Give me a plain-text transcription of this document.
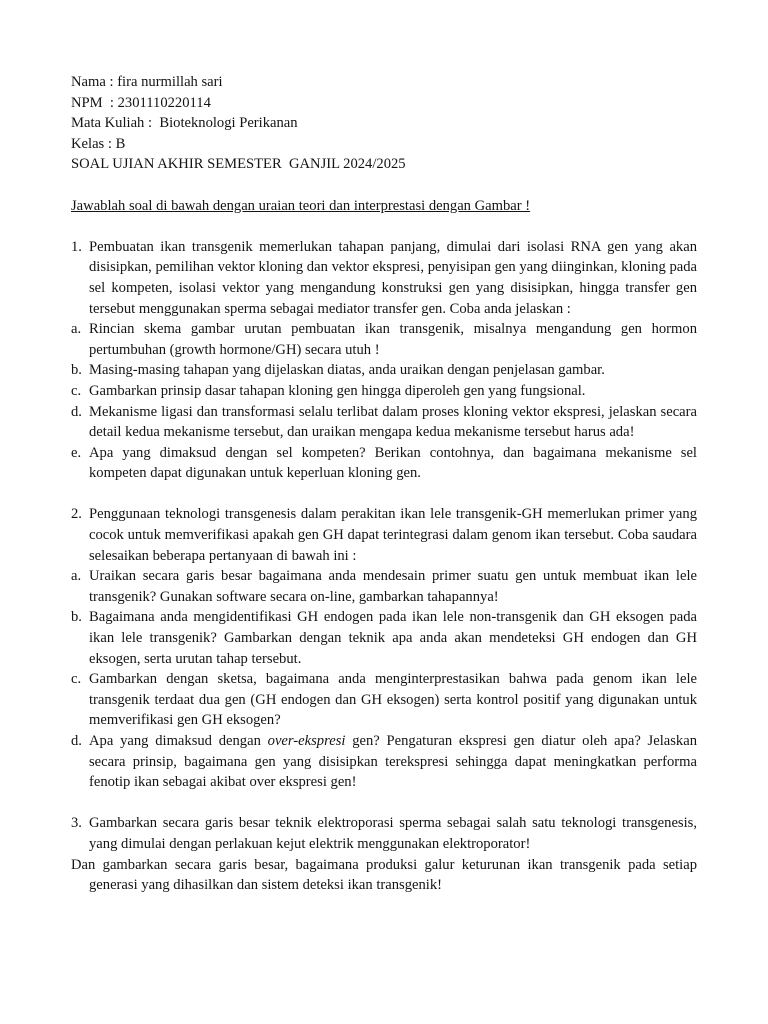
Nama : fira nurmillah sari

NPM  : 2301110220114

Mata Kuliah :  Bioteknologi Perikanan

Kelas : B

SOAL UJIAN AKHIR SEMESTER  GANJIL 2024/2025

Jawablah soal di bawah dengan uraian teori dan interprestasi dengan Gambar !
1. Pembuatan ikan transgenik memerlukan tahapan panjang, dimulai dari isolasi RNA gen yang akan disisipkan, pemilihan vektor kloning dan vektor ekspresi, penyisipan gen yang diinginkan, kloning pada sel kompeten, isolasi vektor yang mengandung konstruksi gen yang disisipkan, hingga transfer gen tersebut menggunakan sperma sebagai mediator transfer gen. Coba anda jelaskan :
a. Rincian skema gambar urutan pembuatan ikan transgenik, misalnya mengandung gen hormon pertumbuhan (growth hormone/GH) secara utuh !
b. Masing-masing tahapan yang dijelaskan diatas, anda uraikan dengan penjelasan gambar.
c. Gambarkan prinsip dasar tahapan kloning gen hingga diperoleh gen yang fungsional.
d. Mekanisme ligasi dan transformasi selalu terlibat dalam proses kloning vektor ekspresi, jelaskan secara detail kedua mekanisme tersebut, dan uraikan mengapa kedua mekanisme tersebut harus ada!
e. Apa yang dimaksud dengan sel kompeten? Berikan contohnya, dan bagaimana mekanisme sel kompeten dapat digunakan untuk keperluan kloning gen.
2. Penggunaan teknologi transgenesis dalam perakitan ikan lele transgenik-GH memerlukan primer yang cocok untuk memverifikasi apakah gen GH dapat terintegrasi dalam genom ikan tersebut. Coba saudara selesaikan beberapa pertanyaan di bawah ini :
a. Uraikan secara garis besar bagaimana anda mendesain primer suatu gen untuk membuat ikan lele transgenik? Gunakan software secara on-line, gambarkan tahapannya!
b. Bagaimana anda mengidentifikasi GH endogen pada ikan lele non-transgenik dan GH eksogen pada ikan lele transgenik? Gambarkan dengan teknik apa anda akan mendeteksi GH endogen dan GH eksogen, serta urutan tahap tersebut.
c. Gambarkan dengan sketsa, bagaimana anda menginterprestasikan bahwa pada genom ikan lele transgenik terdaat dua gen (GH endogen dan GH eksogen) serta kontrol positif yang digunakan untuk memverifikasi gen GH eksogen?
d. Apa yang dimaksud dengan over-ekspresi gen? Pengaturan ekspresi gen diatur oleh apa? Jelaskan secara prinsip, bagaimana gen yang disisipkan terekspresi sehingga dapat meningkatkan performa fenotip ikan sebagai akibat over ekspresi gen!
3. Gambarkan secara garis besar teknik elektroporasi sperma sebagai salah satu teknologi transgenesis, yang dimulai dengan perlakuan kejut elektrik menggunakan elektroporator!
Dan gambarkan secara garis besar, bagaimana produksi galur keturunan ikan transgenik pada setiap generasi yang dihasilkan dan sistem deteksi ikan transgenik!
